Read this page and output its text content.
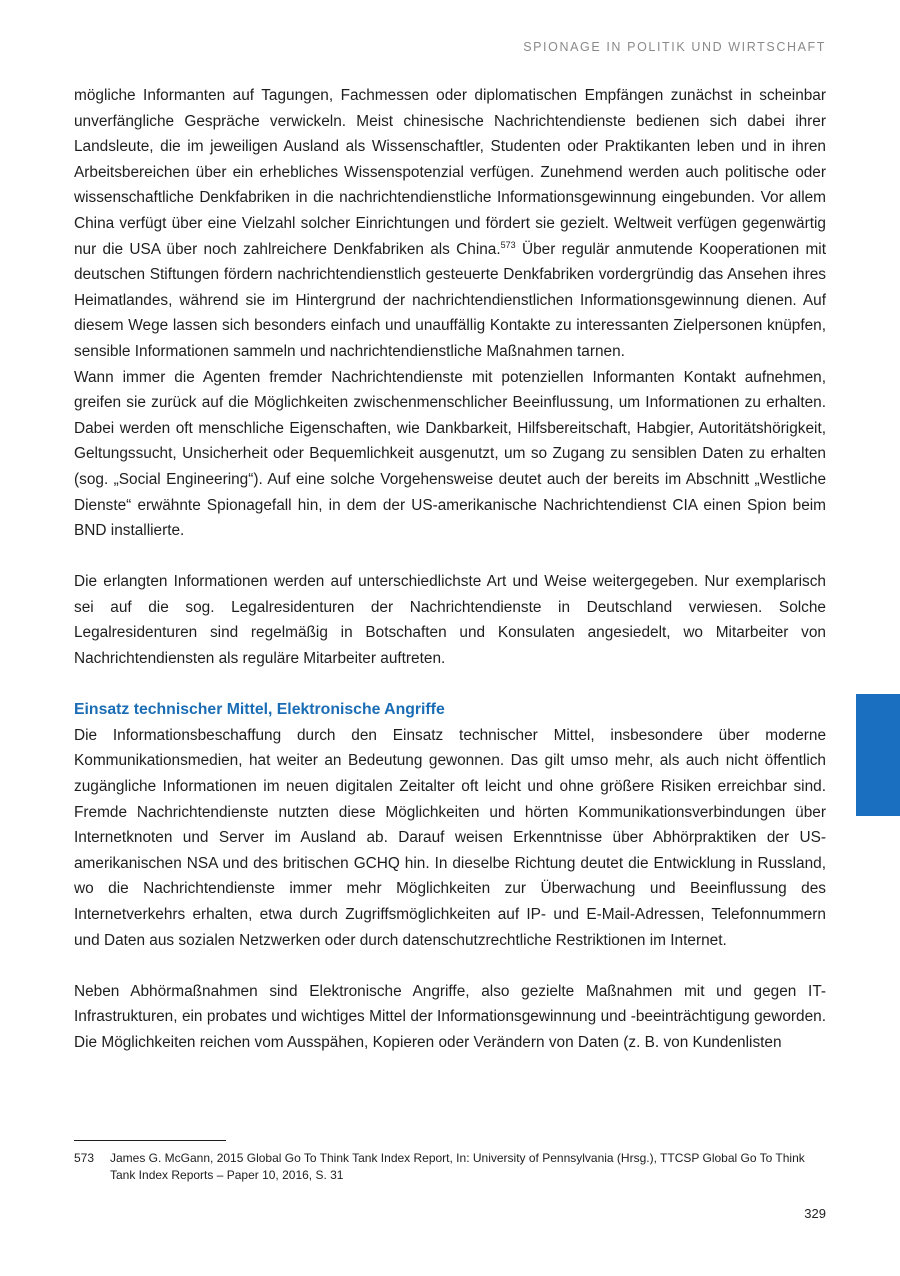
SPIONAGE IN POLITIK UND WIRTSCHAFT

mögliche Informanten auf Tagungen, Fachmessen oder diplomatischen Empfängen zunächst in scheinbar unverfängliche Gespräche verwickeln. Meist chinesische Nachrichtendienste bedienen sich dabei ihrer Landsleute, die im jeweiligen Ausland als Wissenschaftler, Studenten oder Praktikanten leben und in ihren Arbeitsbereichen über ein erhebliches Wissenspotenzial verfügen. Zunehmend werden auch politische oder wissenschaftliche Denkfabriken in die nachrichtendienstliche Informationsgewinnung eingebunden. Vor allem China verfügt über eine Vielzahl solcher Einrichtungen und fördert sie gezielt. Weltweit verfügen gegenwärtig nur die USA über noch zahlreichere Denkfabriken als China.$^{573}$ Über regulär anmutende Kooperationen mit deutschen Stiftungen fördern nachrichtendienstlich gesteuerte Denkfabriken vordergründig das Ansehen ihres Heimatlandes, während sie im Hintergrund der nachrichtendienstlichen Informationsgewinnung dienen. Auf diesem Wege lassen sich besonders einfach und unauffällig Kontakte zu interessanten Zielpersonen knüpfen, sensible Informationen sammeln und nachrichtendienstliche Maßnahmen tarnen.

Wann immer die Agenten fremder Nachrichtendienste mit potenziellen Informanten Kontakt aufnehmen, greifen sie zurück auf die Möglichkeiten zwischenmenschlicher Beeinflussung, um Informationen zu erhalten. Dabei werden oft menschliche Eigenschaften, wie Dankbarkeit, Hilfsbereitschaft, Habgier, Autoritätshörigkeit, Geltungssucht, Unsicherheit oder Bequemlichkeit ausgenutzt, um so Zugang zu sensiblen Daten zu erhalten (sog. „Social Engineering“). Auf eine solche Vorgehensweise deutet auch der bereits im Abschnitt „Westliche Dienste“ erwähnte Spionagefall hin, in dem der US-amerikanische Nachrichtendienst CIA einen Spion beim BND installierte.

Die erlangten Informationen werden auf unterschiedlichste Art und Weise weitergegeben. Nur exemplarisch sei auf die sog. Legalresidenturen der Nachrichtendienste in Deutschland verwiesen. Solche Legalresidenturen sind regelmäßig in Botschaften und Konsulaten angesiedelt, wo Mitarbeiter von Nachrichtendiensten als reguläre Mitarbeiter auftreten.

Einsatz technischer Mittel, Elektronische Angriffe

Die Informationsbeschaffung durch den Einsatz technischer Mittel, insbesondere über moderne Kommunikationsmedien, hat weiter an Bedeutung gewonnen. Das gilt umso mehr, als auch nicht öffentlich zugängliche Informationen im neuen digitalen Zeitalter oft leicht und ohne größere Risiken erreichbar sind. Fremde Nachrichtendienste nutzten diese Möglichkeiten und hörten Kommunikationsverbindungen über Internetknoten und Server im Ausland ab. Darauf weisen Erkenntnisse über Abhörpraktiken der US-amerikanischen NSA und des britischen GCHQ hin. In dieselbe Richtung deutet die Entwicklung in Russland, wo die Nachrichtendienste immer mehr Möglichkeiten zur Überwachung und Beeinflussung des Internetverkehrs erhalten, etwa durch Zugriffsmöglichkeiten auf IP- und E-Mail-Adressen, Telefonnummern und Daten aus sozialen Netzwerken oder durch datenschutzrechtliche Restriktionen im Internet.

Neben Abhörmaßnahmen sind Elektronische Angriffe, also gezielte Maßnahmen mit und gegen IT-Infrastrukturen, ein probates und wichtiges Mittel der Informationsgewinnung und -beeinträchtigung geworden. Die Möglichkeiten reichen vom Ausspähen, Kopieren oder Verändern von Daten (z. B. von Kundenlisten

573	James G. McGann, 2015 Global Go To Think Tank Index Report, In: University of Pennsylvania (Hrsg.), TTCSP Global Go To Think Tank Index Reports – Paper 10, 2016, S. 31
329
